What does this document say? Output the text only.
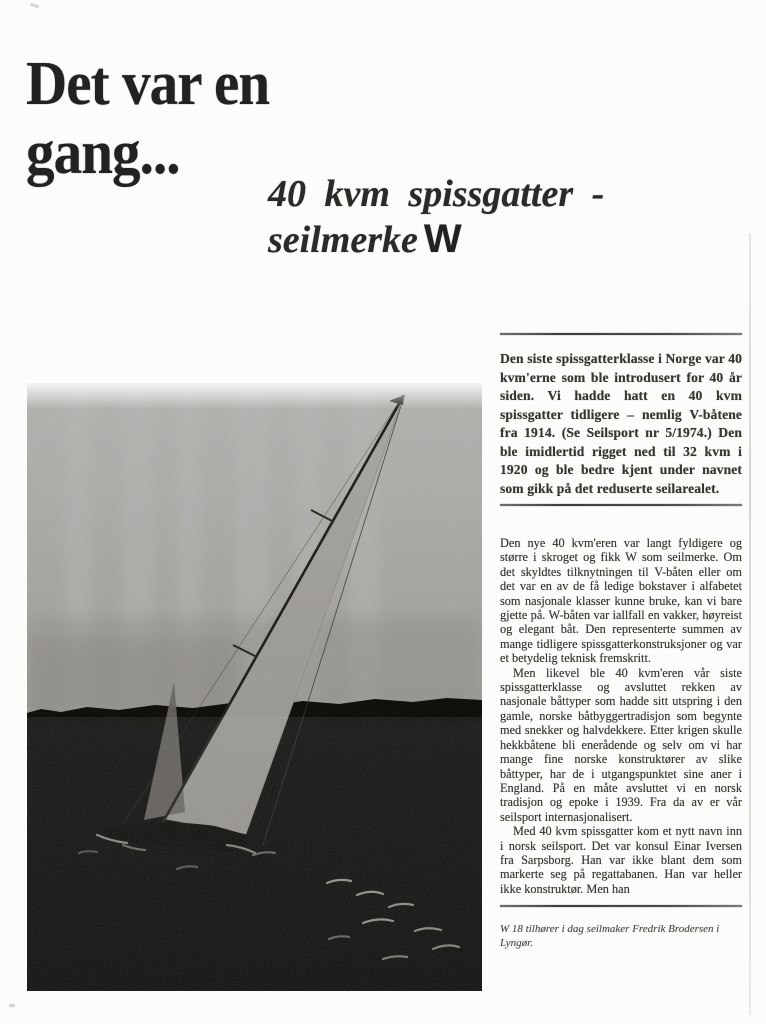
Det var en
gang...
40 kvm spissgatter -
seilmerke W

Den siste spissgatterklasse i Norge var 40 kvm'erne som ble introdusert for 40 år siden. Vi hadde hatt en 40 kvm spissgatter tidligere – nemlig V-båtene fra 1914. (Se Seilsport nr 5/1974.) Den ble imidlertid rigget ned til 32 kvm i 1920 og ble bedre kjent under navnet som gikk på det reduserte seilarealet.

Den nye 40 kvm'eren var langt fyldigere og større i skroget og fikk W som seilmerke. Om det skyldtes tilknytningen til V-båten eller om det var en av de få ledige bokstaver i alfabetet som nasjonale klasser kunne bruke, kan vi bare gjette på. W-båten var iallfall en vakker, høyreist og elegant båt. Den representerte summen av mange tidligere spissgatterkonstruksjoner og var et betydelig teknisk fremskritt.

Men likevel ble 40 kvm'eren vår siste spissgatterklasse og avsluttet rekken av nasjonale båttyper som hadde sitt utspring i den gamle, norske båtbyggertradisjon som begynte med snekker og halvdekkere. Etter krigen skulle hekkbåtene bli enerådende og selv om vi har mange fine norske konstruktører av slike båttyper, har de i utgangspunktet sine aner i England. På en måte avsluttet vi en norsk tradisjon og epoke i 1939. Fra da av er vår seilsport internasjonalisert.

Med 40 kvm spissgatter kom et nytt navn inn i norsk seilsport. Det var konsul Einar Iversen fra Sarpsborg. Han var ikke blant dem som markerte seg på regattabanen. Han var heller ikke konstruktør. Men han

W 18 tilhører i dag seilmaker Fredrik Brodersen i Lyngør.
